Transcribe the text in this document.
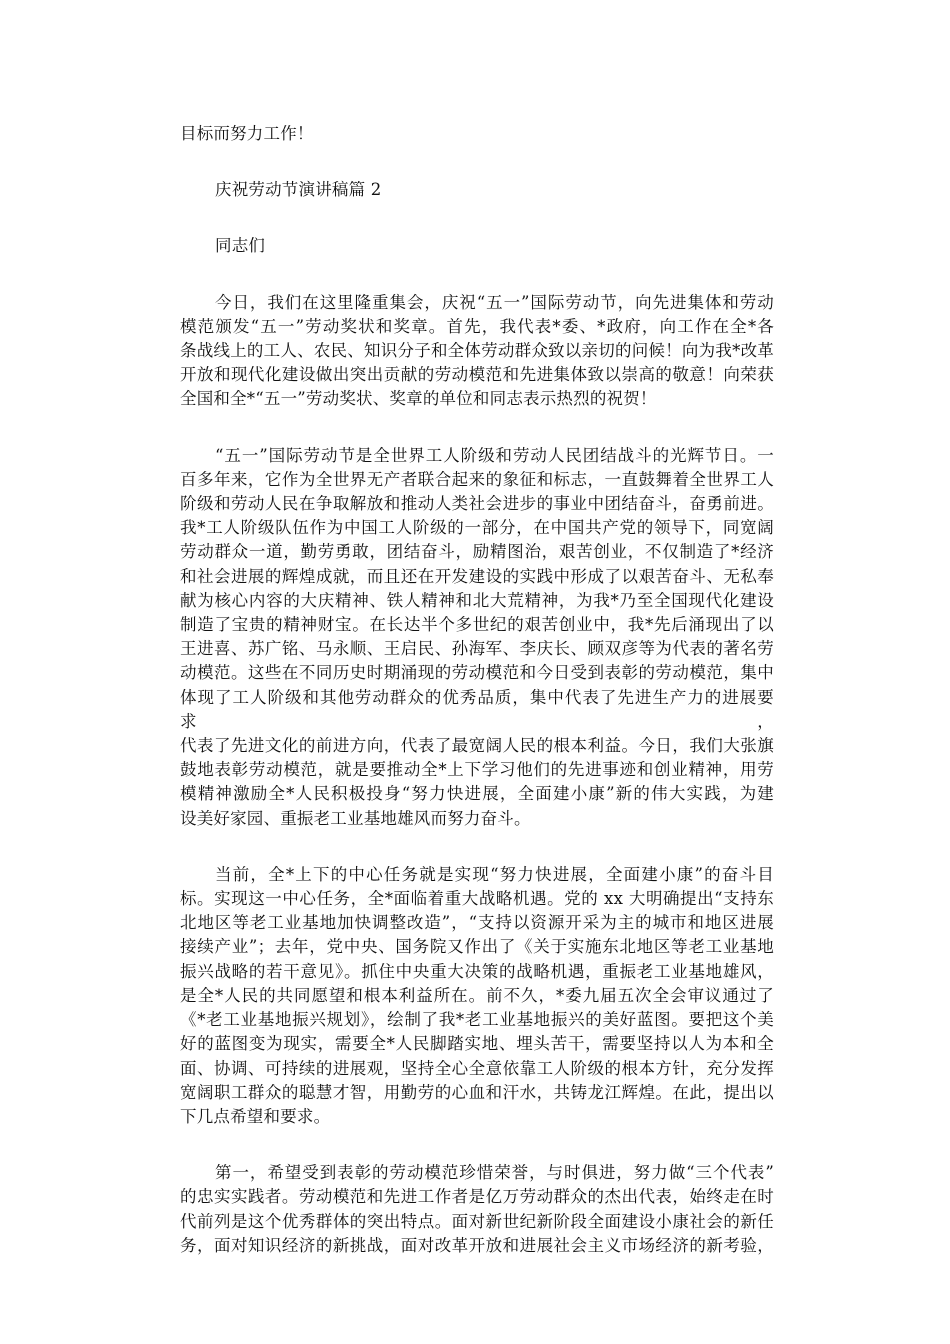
目标而努力工作！
庆祝劳动节演讲稿篇 2
同志们
今日，我们在这里隆重集会，庆祝“五一”国际劳动节，向先进集体和劳动
模范颁发“五一”劳动奖状和奖章。首先，我代表*委、*政府，向工作在全*各
条战线上的工人、农民、知识分子和全体劳动群众致以亲切的问候！向为我*改革
开放和现代化建设做出突出贡献的劳动模范和先进集体致以崇高的敬意！向荣获
全国和全*“五一”劳动奖状、奖章的单位和同志表示热烈的祝贺！
“五一”国际劳动节是全世界工人阶级和劳动人民团结战斗的光辉节日。一
百多年来，它作为全世界无产者联合起来的象征和标志，一直鼓舞着全世界工人
阶级和劳动人民在争取解放和推动人类社会进步的事业中团结奋斗，奋勇前进。
我*工人阶级队伍作为中国工人阶级的一部分，在中国共产党的领导下，同宽阔
劳动群众一道，勤劳勇敢，团结奋斗，励精图治，艰苦创业，不仅制造了*经济
和社会进展的辉煌成就，而且还在开发建设的实践中形成了以艰苦奋斗、无私奉
献为核心内容的大庆精神、铁人精神和北大荒精神，为我*乃至全国现代化建设
制造了宝贵的精神财宝。在长达半个多世纪的艰苦创业中，我*先后涌现出了以
王进喜、苏广铭、马永顺、王启民、孙海军、李庆长、顾双彦等为代表的著名劳
动模范。这些在不同历史时期涌现的劳动模范和今日受到表彰的劳动模范，集中
体现了工人阶级和其他劳动群众的优秀品质，集中代表了先进生产力的进展要求，
代表了先进文化的前进方向，代表了最宽阔人民的根本利益。今日，我们大张旗
鼓地表彰劳动模范，就是要推动全*上下学习他们的先进事迹和创业精神，用劳
模精神激励全*人民积极投身“努力快进展，全面建小康”新的伟大实践，为建
设美好家园、重振老工业基地雄风而努力奋斗。
当前，全*上下的中心任务就是实现“努力快进展，全面建小康”的奋斗目
标。实现这一中心任务，全*面临着重大战略机遇。党的 xx 大明确提出“支持东
北地区等老工业基地加快调整改造”，“支持以资源开采为主的城市和地区进展
接续产业”；去年，党中央、国务院又作出了《关于实施东北地区等老工业基地
振兴战略的若干意见》。抓住中央重大决策的战略机遇，重振老工业基地雄风，
是全*人民的共同愿望和根本利益所在。前不久，*委九届五次全会审议通过了
《*老工业基地振兴规划》，绘制了我*老工业基地振兴的美好蓝图。要把这个美
好的蓝图变为现实，需要全*人民脚踏实地、埋头苦干，需要坚持以人为本和全
面、协调、可持续的进展观，坚持全心全意依靠工人阶级的根本方针，充分发挥
宽阔职工群众的聪慧才智，用勤劳的心血和汗水，共铸龙江辉煌。在此，提出以
下几点希望和要求。
第一，希望受到表彰的劳动模范珍惜荣誉，与时俱进，努力做“三个代表”
的忠实实践者。劳动模范和先进工作者是亿万劳动群众的杰出代表，始终走在时
代前列是这个优秀群体的突出特点。面对新世纪新阶段全面建设小康社会的新任
务，面对知识经济的新挑战，面对改革开放和进展社会主义市场经济的新考验，
